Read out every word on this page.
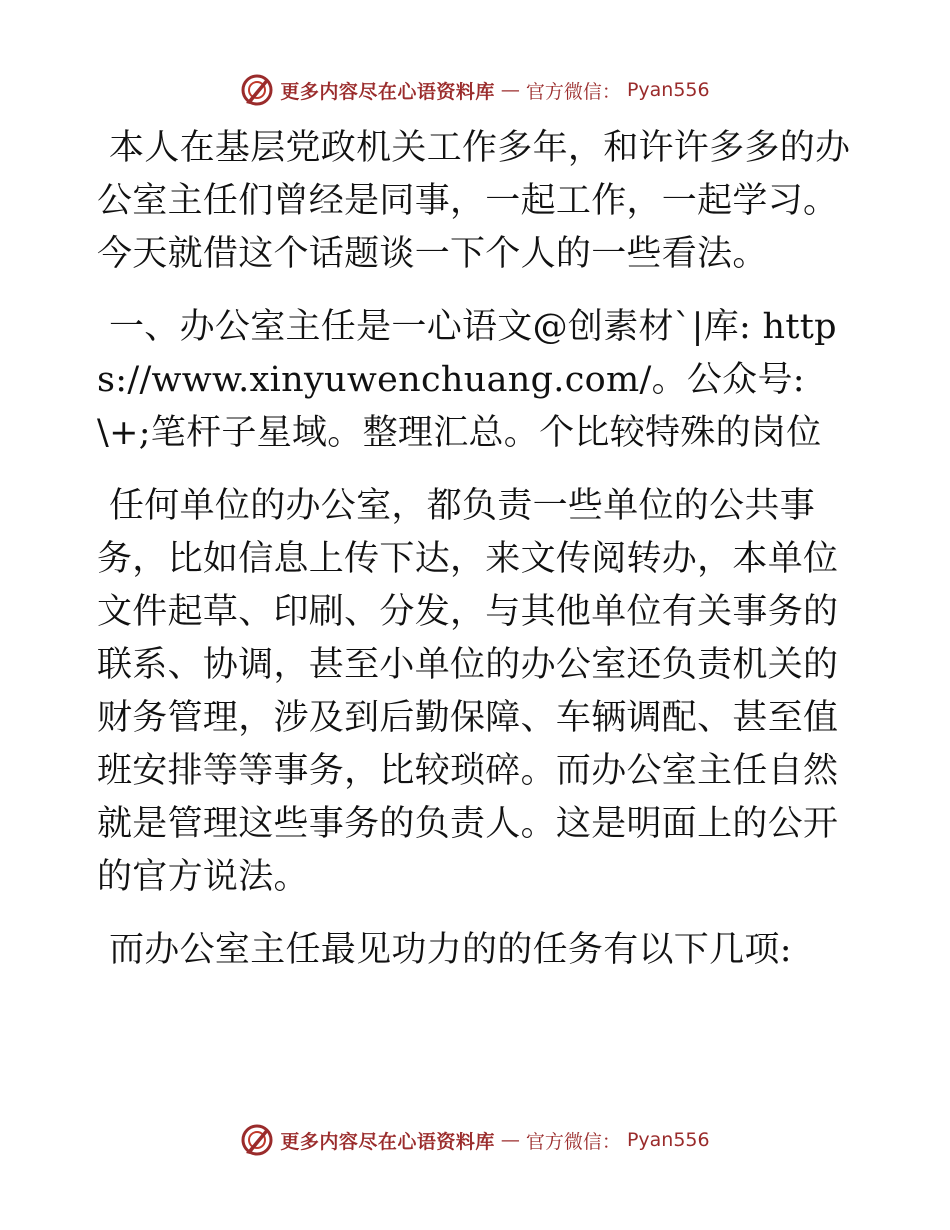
更多内容尽在心语资料库 — 官方微信： Pyan556

本人在基层党政机关工作多年，和许许多多的办公室主任们曾经是同事，一起工作，一起学习。今天就借这个话题谈一下个人的一些看法。

一、办公室主任是一心语文@创素材`|库: https://www.xinyuwenchuang.com/。公众号: \+;笔杆子星域。整理汇总。个比较特殊的岗位

任何单位的办公室，都负责一些单位的公共事务，比如信息上传下达，来文传阅转办，本单位文件起草、印刷、分发，与其他单位有关事务的联系、协调，甚至小单位的办公室还负责机关的财务管理，涉及到后勤保障、车辆调配、甚至值班安排等等事务，比较琐碎。而办公室主任自然就是管理这些事务的负责人。这是明面上的公开的官方说法。

而办公室主任最见功力的的任务有以下几项:

更多内容尽在心语资料库 — 官方微信： Pyan556
